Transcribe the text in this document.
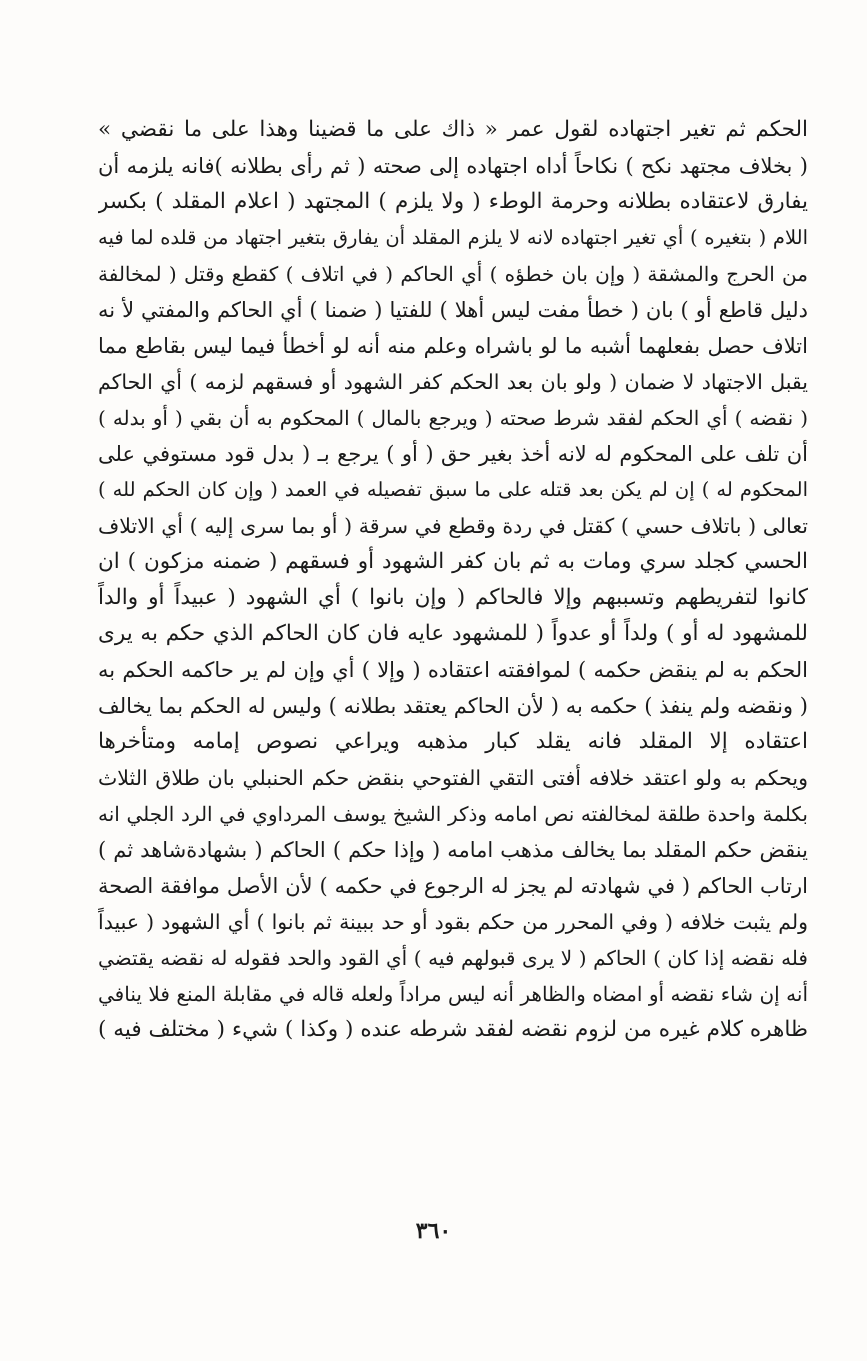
الحكم ثم تغير اجتهاده لقول عمر « ذاك على ما قضينا وهذا على ما نقضي »
( بخلاف مجتهد نكح ) نكاحاً أداه اجتهاده إلى صحته ( ثم رأى بطلانه )فانه يلزمه أن
يفارق لاعتقاده بطلانه وحرمة الوطء ( ولا يلزم ) المجتهد ( اعلام المقلد ) بكسر
اللام ( بتغيره ) أي تغير اجتهاده لانه لا يلزم المقلد أن يفارق بتغير اجتهاد من قلده لما فيه
من الحرج والمشقة ( وإن بان خطؤه ) أي الحاكم ( في اتلاف ) كقطع وقتل ( لمخالفة
دليل قاطع أو ) بان ( خطأ مفت ليس أهلا ) للفتيا ( ضمنا ) أي الحاكم والمفتي لأ نه
اتلاف حصل بفعلهما أشبه ما لو باشراه وعلم منه أنه لو أخطأ فيما ليس بقاطع مما
يقبل الاجتهاد لا ضمان ( ولو بان بعد الحكم كفر الشهود أو فسقهم لزمه ) أي الحاكم
( نقضه ) أي الحكم لفقد شرط صحته ( ويرجع بالمال ) المحكوم به أن بقي ( أو بدله )
أن تلف على المحكوم له لانه أخذ بغير حق ( أو ) يرجع بـ ( بدل قود مستوفي على
المحكوم له ) إن لم يكن بعد قتله على ما سبق تفصيله في العمد ( وإن كان الحكم لله )
تعالى ( باتلاف حسي ) كقتل في ردة وقطع في سرقة ( أو بما سرى إليه ) أي الاتلاف
الحسي كجلد سري ومات به ثم بان كفر الشهود أو فسقهم ( ضمنه مزكون ) ان
كانوا لتفريطهم وتسببهم وإلا فالحاكم ( وإن بانوا ) أي الشهود ( عبيداً أو والداً
للمشهود له أو ) ولداً أو عدواً ( للمشهود عايه فان كان الحاكم الذي حكم به يرى
الحكم به لم ينقض حكمه ) لموافقته اعتقاده ( وإلا ) أي وإن لم ير حاكمه الحكم به
( ونقضه ولم ينفذ ) حكمه به ( لأن الحاكم يعتقد بطلانه ) وليس له الحكم بما يخالف
اعتقاده إلا المقلد فانه يقلد كبار مذهبه ويراعي نصوص إمامه ومتأخرها
ويحكم به ولو اعتقد خلافه أفتى التقي الفتوحي بنقض حكم الحنبلي بان طلاق الثلاث
بكلمة واحدة طلقة لمخالفته نص امامه وذكر الشيخ يوسف المرداوي في الرد الجلي انه
ينقض حكم المقلد بما يخالف مذهب امامه ( وإذا حكم ) الحاكم ( بشهادةشاهد ثم )
ارتاب الحاكم ( في شهادته لم يجز له الرجوع في حكمه ) لأن الأصل موافقة الصحة
ولم يثبت خلافه ( وفي المحرر من حكم بقود أو حد ببينة ثم بانوا ) أي الشهود ( عبيداً
فله نقضه إذا كان ) الحاكم ( لا يرى قبولهم فيه ) أي القود والحد فقوله له نقضه يقتضي
أنه إن شاء نقضه أو امضاه والظاهر أنه ليس مراداً ولعله قاله في مقابلة المنع فلا ينافي
ظاهره كلام غيره من لزوم نقضه لفقد شرطه عنده ( وكذا ) شيء ( مختلف فيه )
٣٦٠
